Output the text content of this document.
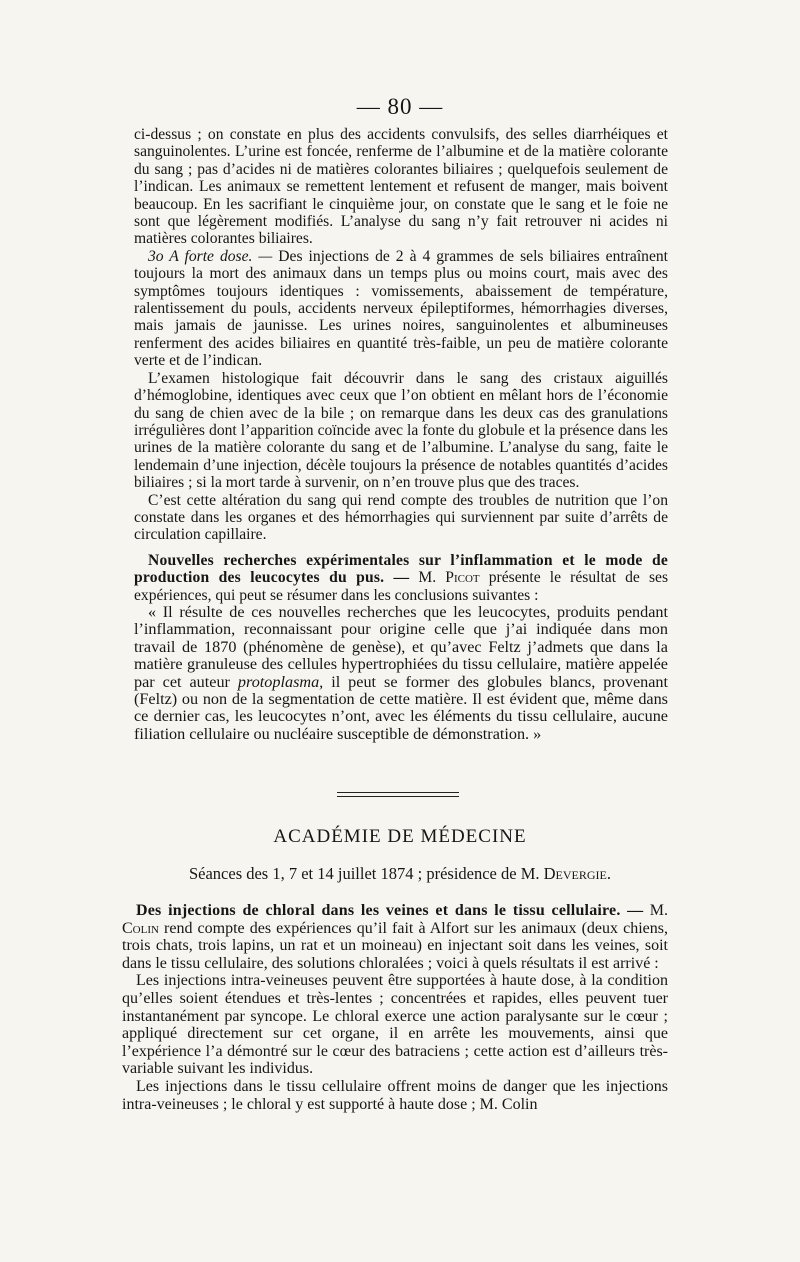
— 80 —

ci-dessus ; on constate en plus des accidents convulsifs, des selles diarrhéiques et sanguinolentes. L’urine est foncée, renferme de l’albumine et de la matière colorante du sang ; pas d’acides ni de matières colorantes biliaires ; quelquefois seulement de l’indican. Les animaux se remettent lentement et refusent de manger, mais boivent beaucoup. En les sacrifiant le cinquième jour, on constate que le sang et le foie ne sont que légèrement modifiés. L’analyse du sang n’y fait retrouver ni acides ni matières colorantes biliaires.

3o A forte dose. — Des injections de 2 à 4 grammes de sels biliaires entraînent toujours la mort des animaux dans un temps plus ou moins court, mais avec des symptômes toujours identiques : vomissements, abaissement de température, ralentissement du pouls, accidents nerveux épileptiformes, hémorrhagies diverses, mais jamais de jaunisse. Les urines noires, sanguinolentes et albumineuses renferment des acides biliaires en quantité très-faible, un peu de matière colorante verte et de l’indican.

L’examen histologique fait découvrir dans le sang des cristaux aiguillés d’hémoglobine, identiques avec ceux que l’on obtient en mêlant hors de l’économie du sang de chien avec de la bile ; on remarque dans les deux cas des granulations irrégulières dont l’apparition coïncide avec la fonte du globule et la présence dans les urines de la matière colorante du sang et de l’albumine. L’analyse du sang, faite le lendemain d’une injection, décèle toujours la présence de notables quantités d’acides biliaires ; si la mort tarde à survenir, on n’en trouve plus que des traces.

C’est cette altération du sang qui rend compte des troubles de nutrition que l’on constate dans les organes et des hémorrhagies qui surviennent par suite d’arrêts de circulation capillaire.

Nouvelles recherches expérimentales sur l’inflammation et le mode de production des leucocytes du pus. — M. Picot présente le résultat de ses expériences, qui peut se résumer dans les conclusions suivantes :

« Il résulte de ces nouvelles recherches que les leucocytes, produits pendant l’inflammation, reconnaissant pour origine celle que j’ai indiquée dans mon travail de 1870 (phénomène de genèse), et qu’avec Feltz j’admets que dans la matière granuleuse des cellules hypertrophiées du tissu cellulaire, matière appelée par cet auteur protoplasma, il peut se former des globules blancs, provenant (Feltz) ou non de la segmentation de cette matière. Il est évident que, même dans ce dernier cas, les leucocytes n’ont, avec les éléments du tissu cellulaire, aucune filiation cellulaire ou nucléaire susceptible de démonstration. »

ACADÉMIE DE MÉDECINE
Séances des 1, 7 et 14 juillet 1874 ; présidence de M. Devergie.

Des injections de chloral dans les veines et dans le tissu cellulaire. — M. Colin rend compte des expériences qu’il fait à Alfort sur les animaux (deux chiens, trois chats, trois lapins, un rat et un moineau) en injectant soit dans les veines, soit dans le tissu cellulaire, des solutions chloralées ; voici à quels résultats il est arrivé :

Les injections intra-veineuses peuvent être supportées à haute dose, à la condition qu’elles soient étendues et très-lentes ; concentrées et rapides, elles peuvent tuer instantanément par syncope. Le chloral exerce une action paralysante sur le cœur ; appliqué directement sur cet organe, il en arrête les mouvements, ainsi que l’expérience l’a démontré sur le cœur des batraciens ; cette action est d’ailleurs très-variable suivant les individus.

Les injections dans le tissu cellulaire offrent moins de danger que les injections intra-veineuses ; le chloral y est supporté à haute dose ; M. Colin
